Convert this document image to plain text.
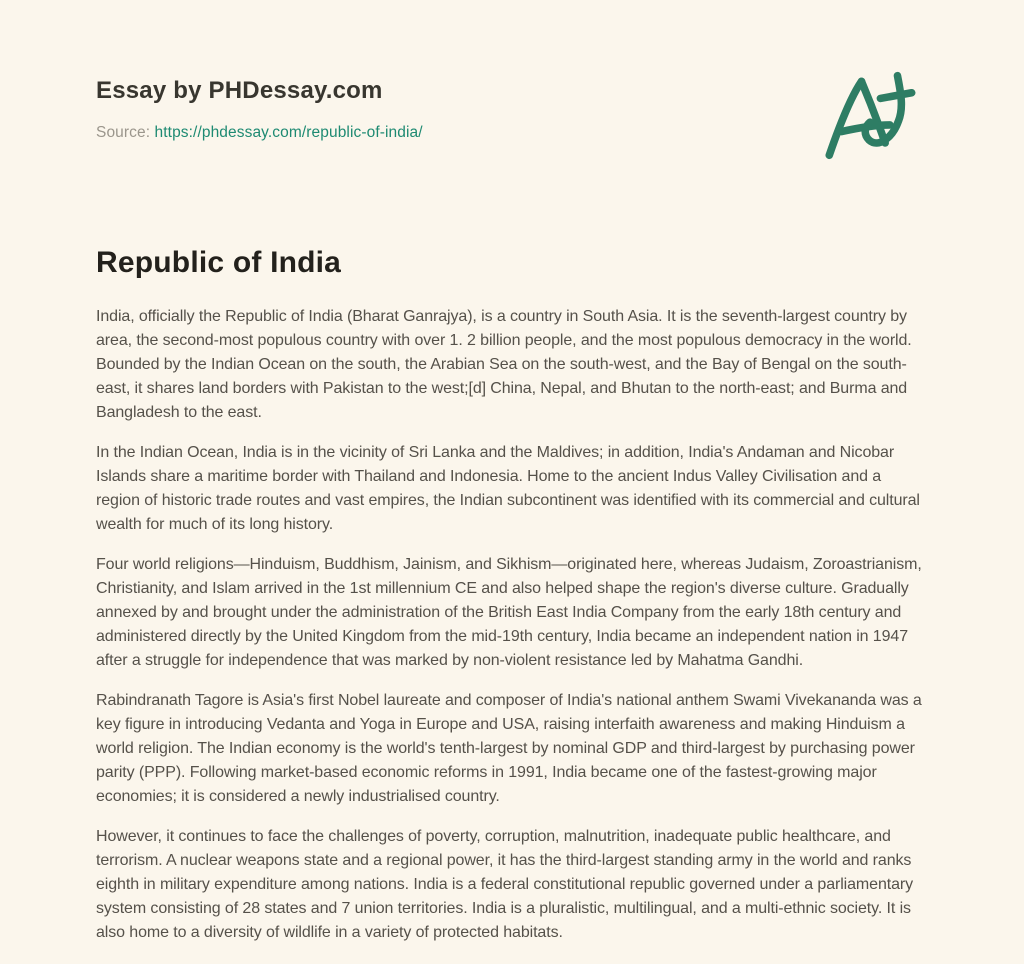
Essay by PHDessay.com
Source: https://phdessay.com/republic-of-india/
Republic of India

India, officially the Republic of India (Bharat Ganrajya), is a country in South Asia. It is the seventh-largest country by area, the second-most populous country with over 1. 2 billion people, and the most populous democracy in the world. Bounded by the Indian Ocean on the south, the Arabian Sea on the south-west, and the Bay of Bengal on the south-east, it shares land borders with Pakistan to the west;[d] China, Nepal, and Bhutan to the north-east; and Burma and Bangladesh to the east.

In the Indian Ocean, India is in the vicinity of Sri Lanka and the Maldives; in addition, India's Andaman and Nicobar Islands share a maritime border with Thailand and Indonesia. Home to the ancient Indus Valley Civilisation and a region of historic trade routes and vast empires, the Indian subcontinent was identified with its commercial and cultural wealth for much of its long history.

Four world religions—Hinduism, Buddhism, Jainism, and Sikhism—originated here, whereas Judaism, Zoroastrianism, Christianity, and Islam arrived in the 1st millennium CE and also helped shape the region's diverse culture. Gradually annexed by and brought under the administration of the British East India Company from the early 18th century and administered directly by the United Kingdom from the mid-19th century, India became an independent nation in 1947 after a struggle for independence that was marked by non-violent resistance led by Mahatma Gandhi.

Rabindranath Tagore is Asia's first Nobel laureate and composer of India's national anthem Swami Vivekananda was a key figure in introducing Vedanta and Yoga in Europe and USA, raising interfaith awareness and making Hinduism a world religion. The Indian economy is the world's tenth-largest by nominal GDP and third-largest by purchasing power parity (PPP). Following market-based economic reforms in 1991, India became one of the fastest-growing major economies; it is considered a newly industrialised country.

However, it continues to face the challenges of poverty, corruption, malnutrition, inadequate public healthcare, and terrorism. A nuclear weapons state and a regional power, it has the third-largest standing army in the world and ranks eighth in military expenditure among nations. India is a federal constitutional republic governed under a parliamentary system consisting of 28 states and 7 union territories. India is a pluralistic, multilingual, and a multi-ethnic society. It is also home to a diversity of wildlife in a variety of protected habitats.
